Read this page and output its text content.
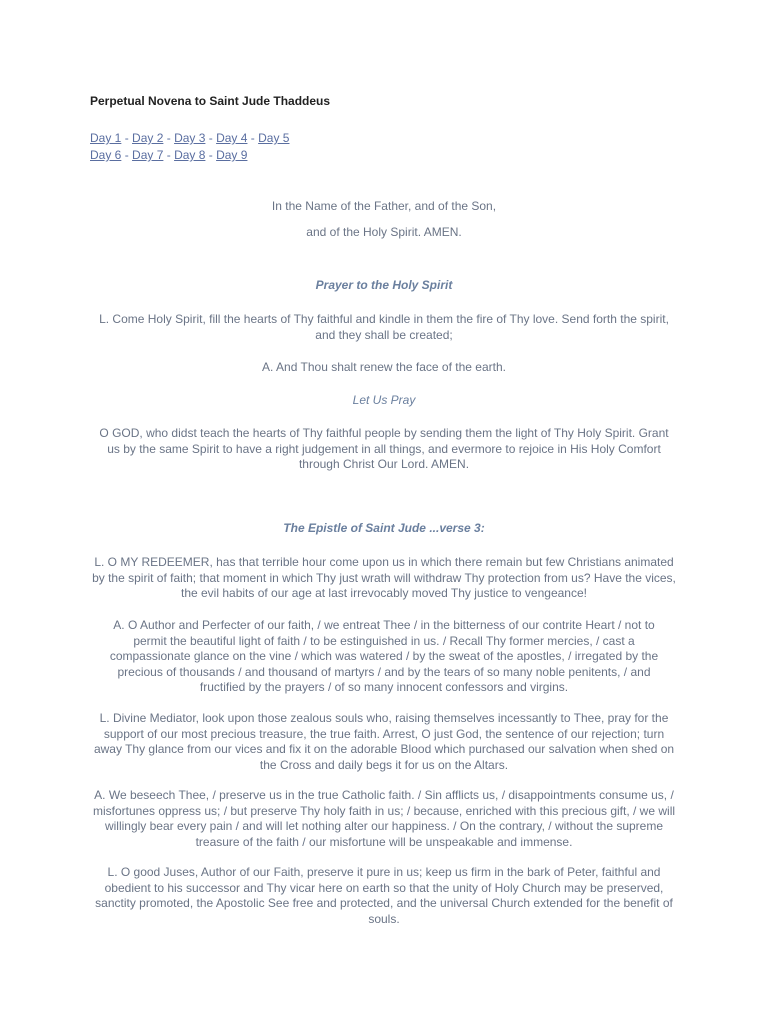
Perpetual Novena to Saint Jude Thaddeus
Day 1 - Day 2 - Day 3 - Day 4 - Day 5
Day 6 - Day 7 - Day 8 - Day 9

In the Name of the Father, and of the Son,

and of the Holy Spirit. AMEN.

Prayer to the Holy Spirit

L. Come Holy Spirit, fill the hearts of Thy faithful and kindle in them the fire of Thy love. Send forth the spirit, and they shall be created;

A. And Thou shalt renew the face of the earth.

Let Us Pray

O GOD, who didst teach the hearts of Thy faithful people by sending them the light of Thy Holy Spirit. Grant us by the same Spirit to have a right judgement in all things, and evermore to rejoice in His Holy Comfort through Christ Our Lord. AMEN.

The Epistle of Saint Jude ...verse 3:

L. O MY REDEEMER, has that terrible hour come upon us in which there remain but few Christians animated by the spirit of faith; that moment in which Thy just wrath will withdraw Thy protection from us? Have the vices, the evil habits of our age at last irrevocably moved Thy justice to vengeance!

A. O Author and Perfecter of our faith, / we entreat Thee / in the bitterness of our contrite Heart / not to permit the beautiful light of faith / to be estinguished in us. / Recall Thy former mercies, / cast a compassionate glance on the vine / which was watered / by the sweat of the apostles, / irregated by the precious of thousands / and thousand of martyrs / and by the tears of so many noble penitents, / and fructified by the prayers / of so many innocent confessors and virgins.

L. Divine Mediator, look upon those zealous souls who, raising themselves incessantly to Thee, pray for the support of our most precious treasure, the true faith. Arrest, O just God, the sentence of our rejection; turn away Thy glance from our vices and fix it on the adorable Blood which purchased our salvation when shed on the Cross and daily begs it for us on the Altars.

A. We beseech Thee, / preserve us in the true Catholic faith. / Sin afflicts us, / disappointments consume us, / misfortunes oppress us; / but preserve Thy holy faith in us; / because, enriched with this precious gift, / we will willingly bear every pain / and will let nothing alter our happiness. / On the contrary, / without the supreme treasure of the faith / our misfortune will be unspeakable and immense.

L. O good Juses, Author of our Faith, preserve it pure in us; keep us firm in the bark of Peter, faithful and obedient to his successor and Thy vicar here on earth so that the unity of Holy Church may be preserved, sanctity promoted, the Apostolic See free and protected, and the universal Church extended for the benefit of souls.
